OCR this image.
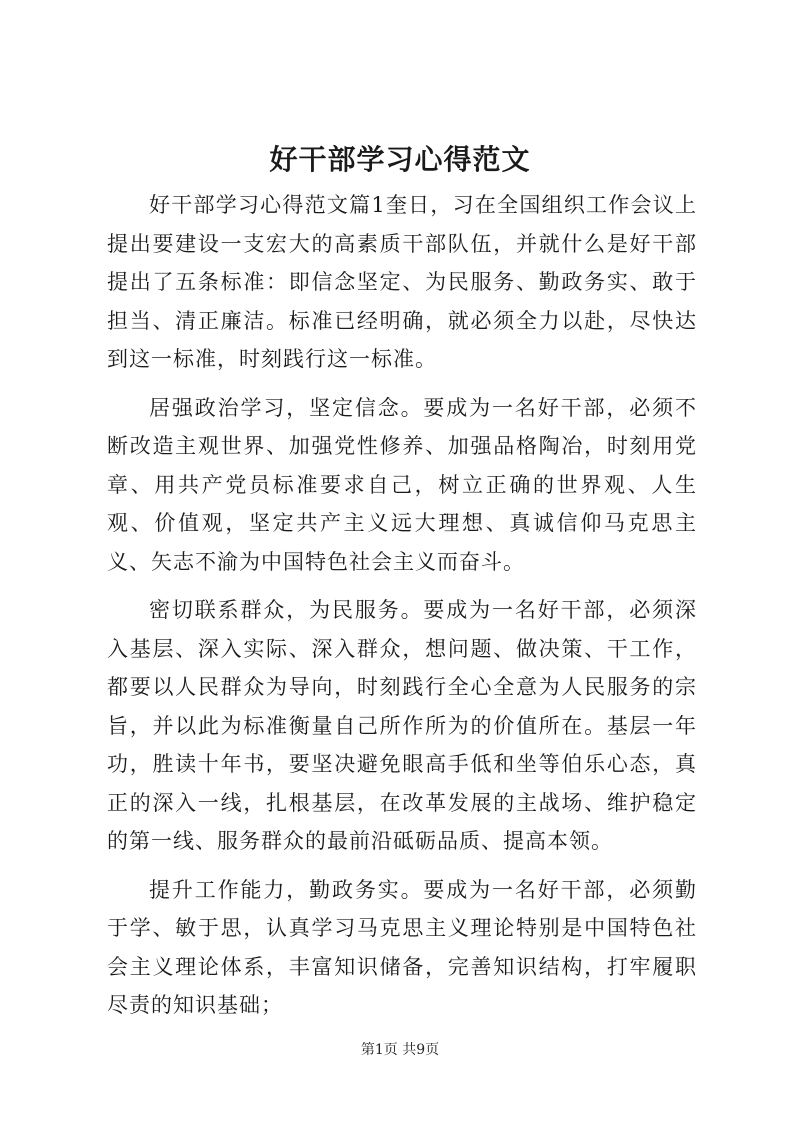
好干部学习心得范文

好干部学习心得范文篇1奎日，习在全国组织工作会议上提出要建设一支宏大的高素质干部队伍，并就什么是好干部提出了五条标准：即信念坚定、为民服务、勤政务实、敢于担当、清正廉洁。标准已经明确，就必须全力以赴，尽快达到这一标准，时刻践行这一标准。

居强政治学习，坚定信念。要成为一名好干部，必须不断改造主观世界、加强党性修养、加强品格陶冶，时刻用党章、用共产党员标准要求自己，树立正确的世界观、人生观、价值观，坚定共产主义远大理想、真诚信仰马克思主义、矢志不渝为中国特色社会主义而奋斗。

密切联系群众，为民服务。要成为一名好干部，必须深入基层、深入实际、深入群众，想问题、做决策、干工作，都要以人民群众为导向，时刻践行全心全意为人民服务的宗旨，并以此为标准衡量自己所作所为的价值所在。基层一年功，胜读十年书，要坚决避免眼高手低和坐等伯乐心态，真正的深入一线，扎根基层，在改革发展的主战场、维护稳定的第一线、服务群众的最前沿砥砺品质、提高本领。

提升工作能力，勤政务实。要成为一名好干部，必须勤于学、敏于思，认真学习马克思主义理论特别是中国特色社会主义理论体系，丰富知识储备，完善知识结构，打牢履职尽责的知识基础；

第1页 共9页
